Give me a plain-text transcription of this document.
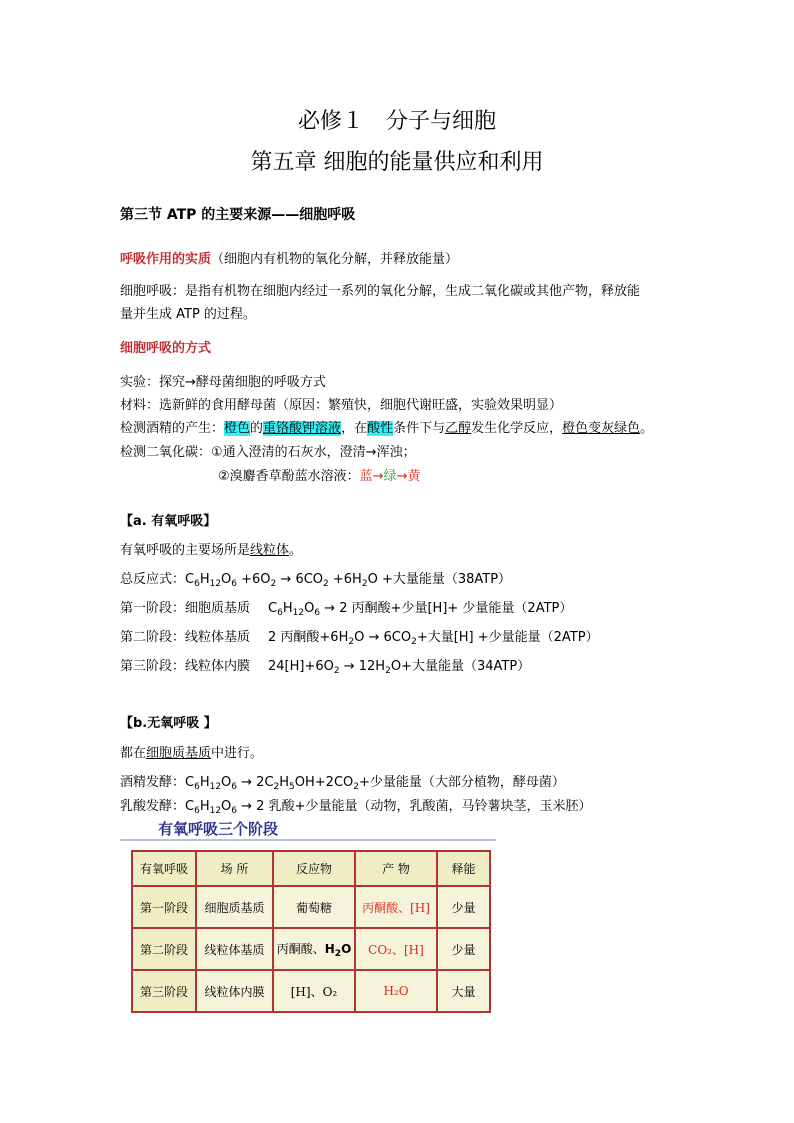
必修１　分子与细胞
第五章 细胞的能量供应和利用
第三节 ATP 的主要来源——细胞呼吸
呼吸作用的实质（细胞内有机物的氧化分解，并释放能量）
细胞呼吸：是指有机物在细胞内经过一系列的氧化分解，生成二氧化碳或其他产物，释放能
量并生成 ATP 的过程。
细胞呼吸的方式
实验：探究→酵母菌细胞的呼吸方式
材料：选新鲜的食用酵母菌（原因：繁殖快，细胞代谢旺盛，实验效果明显）
检测酒精的产生：橙色的重铬酸钾溶液，在酸性条件下与乙醇发生化学反应，橙色变灰绿色。
检测二氧化碳：①通入澄清的石灰水，澄清→浑浊；
②溴麝香草酚蓝水溶液：蓝→绿→黄
【a. 有氧呼吸】
有氧呼吸的主要场所是线粒体。
总反应式：$C_6H_{12}O_6 +6O_2 \to 6CO_2 +6H_2O$ +大量能量（38ATP）
第一阶段：细胞质基质 $C_6H_{12}O_6 \to 2$ 丙酮酸+少量[H]+ 少量能量（2ATP）
第二阶段：线粒体基质 2 丙酮酸$+6H_2O \to 6CO_2+$大量[H] +少量能量（2ATP）
第三阶段：线粒体内膜 $24[H]+6O_2 \to 12H_2O+$大量能量（34ATP）
【b.无氧呼吸 】
都在细胞质基质中进行。
酒精发酵：$C_6H_{12}O_6 \to 2C_2H_5OH+2CO_2+$少量能量（大部分植物，酵母菌）
乳酸发酵：$C_6H_{12}O_6 \to 2$ 乳酸+少量能量（动物，乳酸菌，马铃薯块茎，玉米胚）
有氧呼吸三个阶段
有氧呼吸	场 所	反应物	产 物	释能
第一阶段	细胞质基质	葡萄糖	丙酮酸、[H]	少量
第二阶段	线粒体基质	丙酮酸、$H_2O$	CO₂、[H]	少量
第三阶段	线粒体内膜	[H]、O₂	H₂O	大量
